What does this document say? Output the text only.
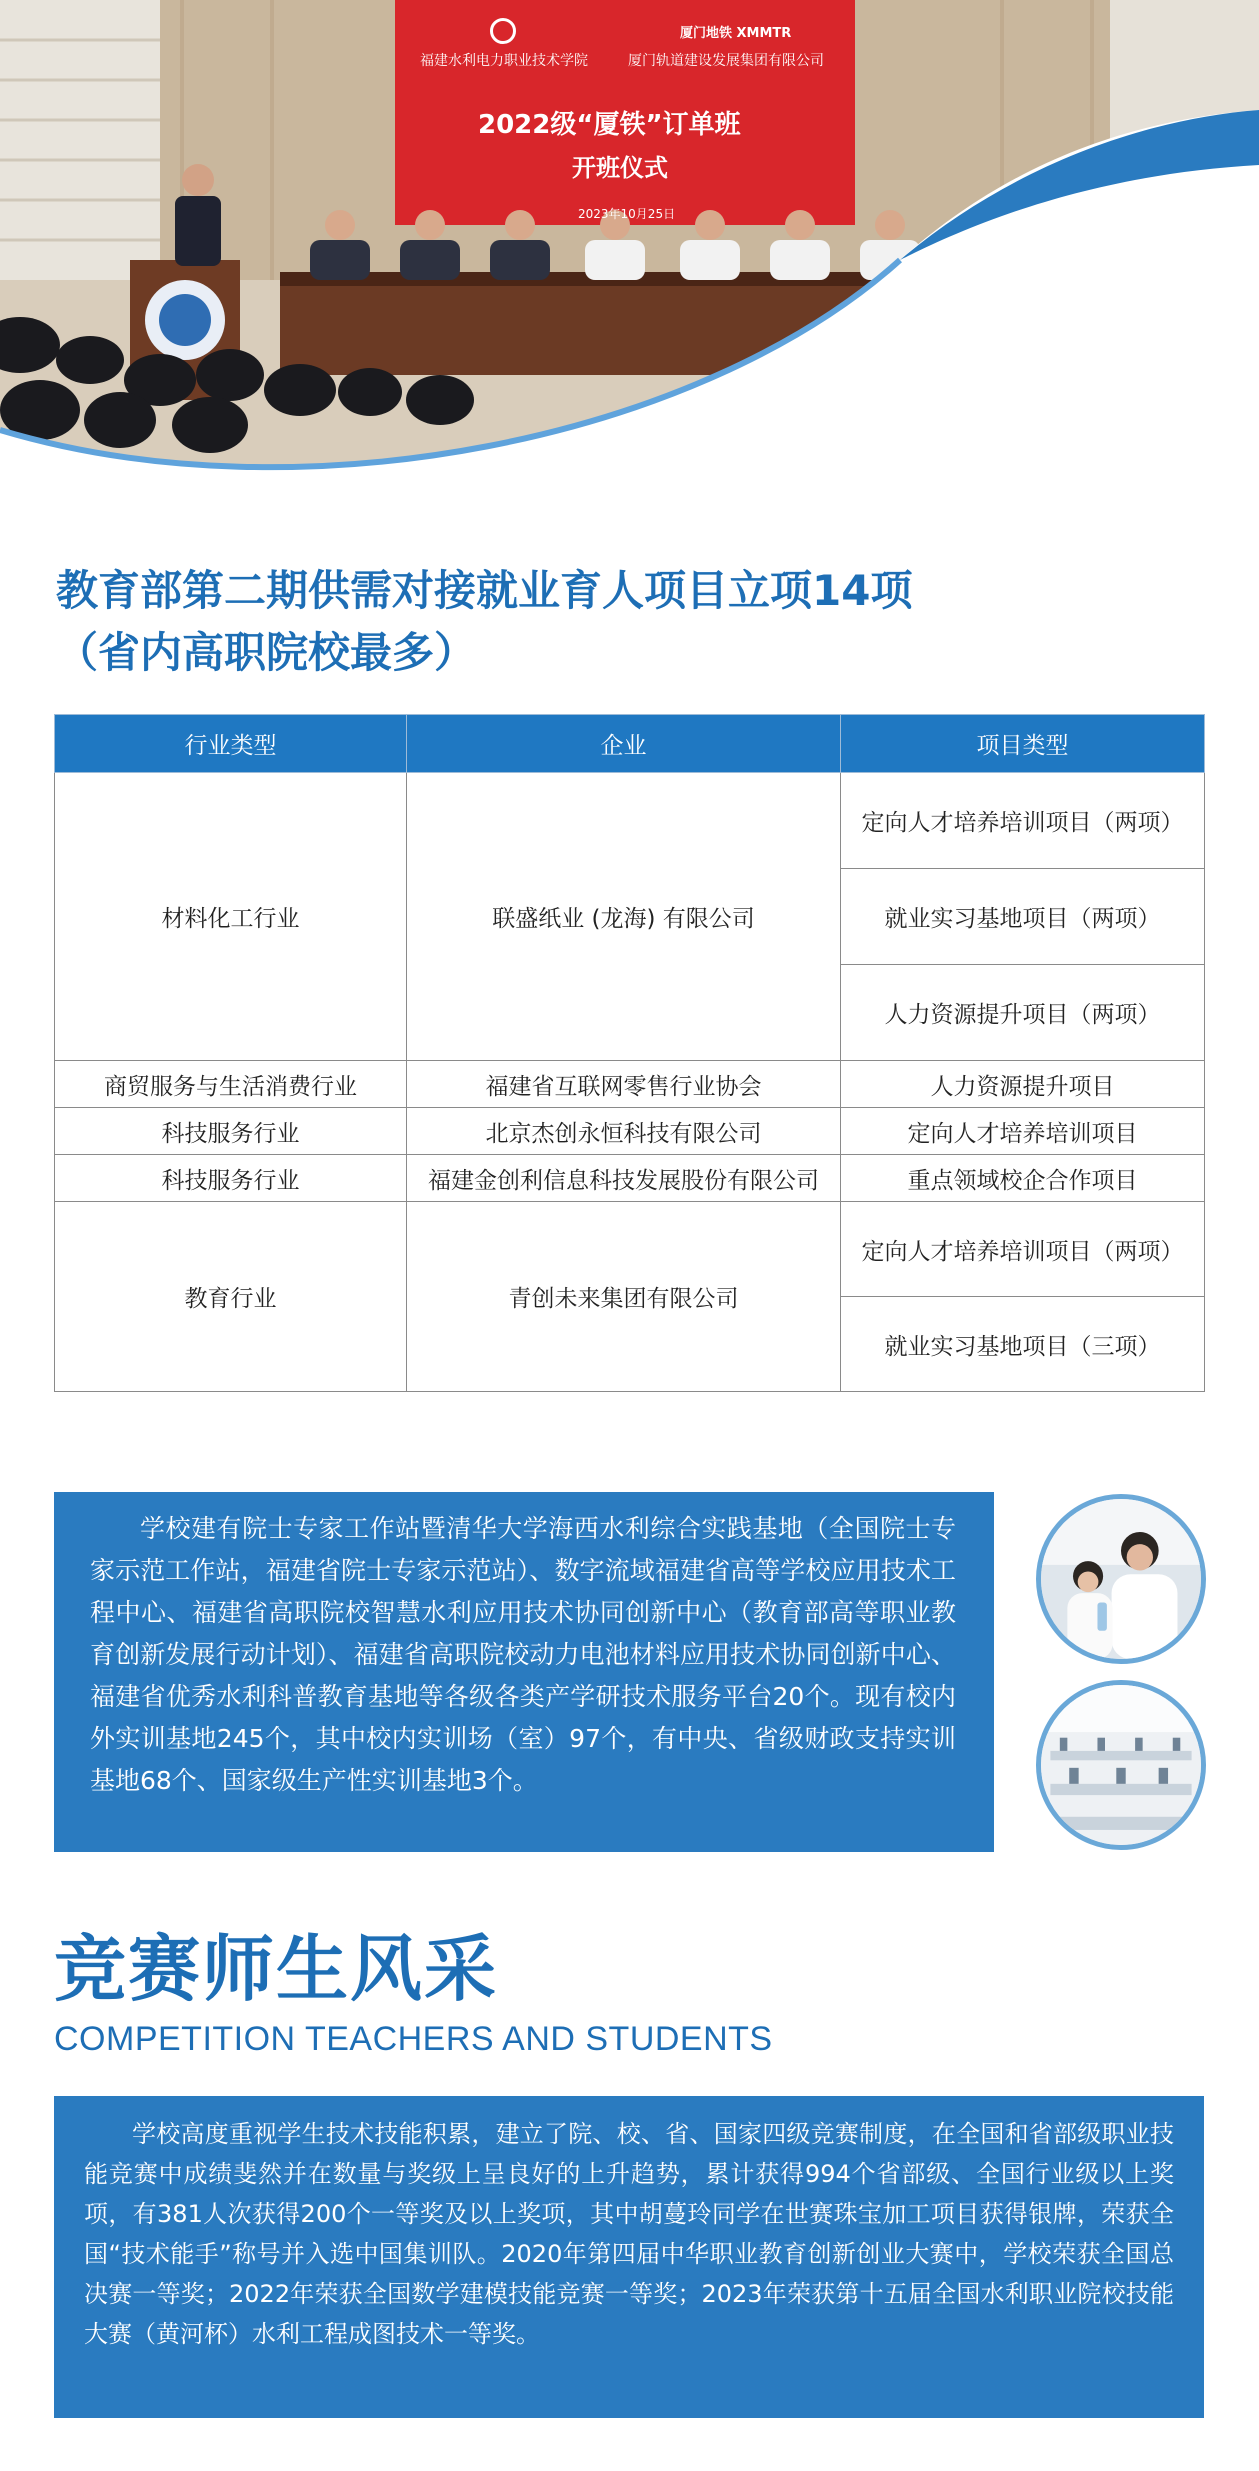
福建水利电力职业技术学院
厦门地铁 XMMTR
厦门轨道建设发展集团有限公司
2022级“厦铁”订单班
开班仪式
2023年10月25日
教育部第二期供需对接就业育人项目立项14项
（省内高职院校最多）
行业类型	企业	项目类型
材料化工行业	联盛纸业 (龙海) 有限公司	定向人才培养培训项目（两项）
		就业实习基地项目（两项）
		人力资源提升项目（两项）
商贸服务与生活消费行业	福建省互联网零售行业协会	人力资源提升项目
科技服务行业	北京杰创永恒科技有限公司	定向人才培养培训项目
科技服务行业	福建金创利信息科技发展股份有限公司	重点领域校企合作项目
教育行业	青创未来集团有限公司	定向人才培养培训项目（两项）
		就业实习基地项目（三项）

学校建有院士专家工作站暨清华大学海西水利综合实践基地（全国院士专家示范工作站，福建省院士专家示范站）、数字流域福建省高等学校应用技术工程中心、福建省高职院校智慧水利应用技术协同创新中心（教育部高等职业教育创新发展行动计划）、福建省高职院校动力电池材料应用技术协同创新中心、福建省优秀水利科普教育基地等各级各类产学研技术服务平台20个。现有校内外实训基地245个，其中校内实训场（室）97个，有中央、省级财政支持实训基地68个、国家级生产性实训基地3个。

竞赛师生风采
COMPETITION TEACHERS AND STUDENTS

学校高度重视学生技术技能积累，建立了院、校、省、国家四级竞赛制度，在全国和省部级职业技能竞赛中成绩斐然并在数量与奖级上呈良好的上升趋势，累计获得994个省部级、全国行业级以上奖项，有381人次获得200个一等奖及以上奖项，其中胡蔓玲同学在世赛珠宝加工项目获得银牌，荣获全国“技术能手”称号并入选中国集训队。2020年第四届中华职业教育创新创业大赛中，学校荣获全国总决赛一等奖；2022年荣获全国数学建模技能竞赛一等奖；2023年荣获第十五届全国水利职业院校技能大赛（黄河杯）水利工程成图技术一等奖。
